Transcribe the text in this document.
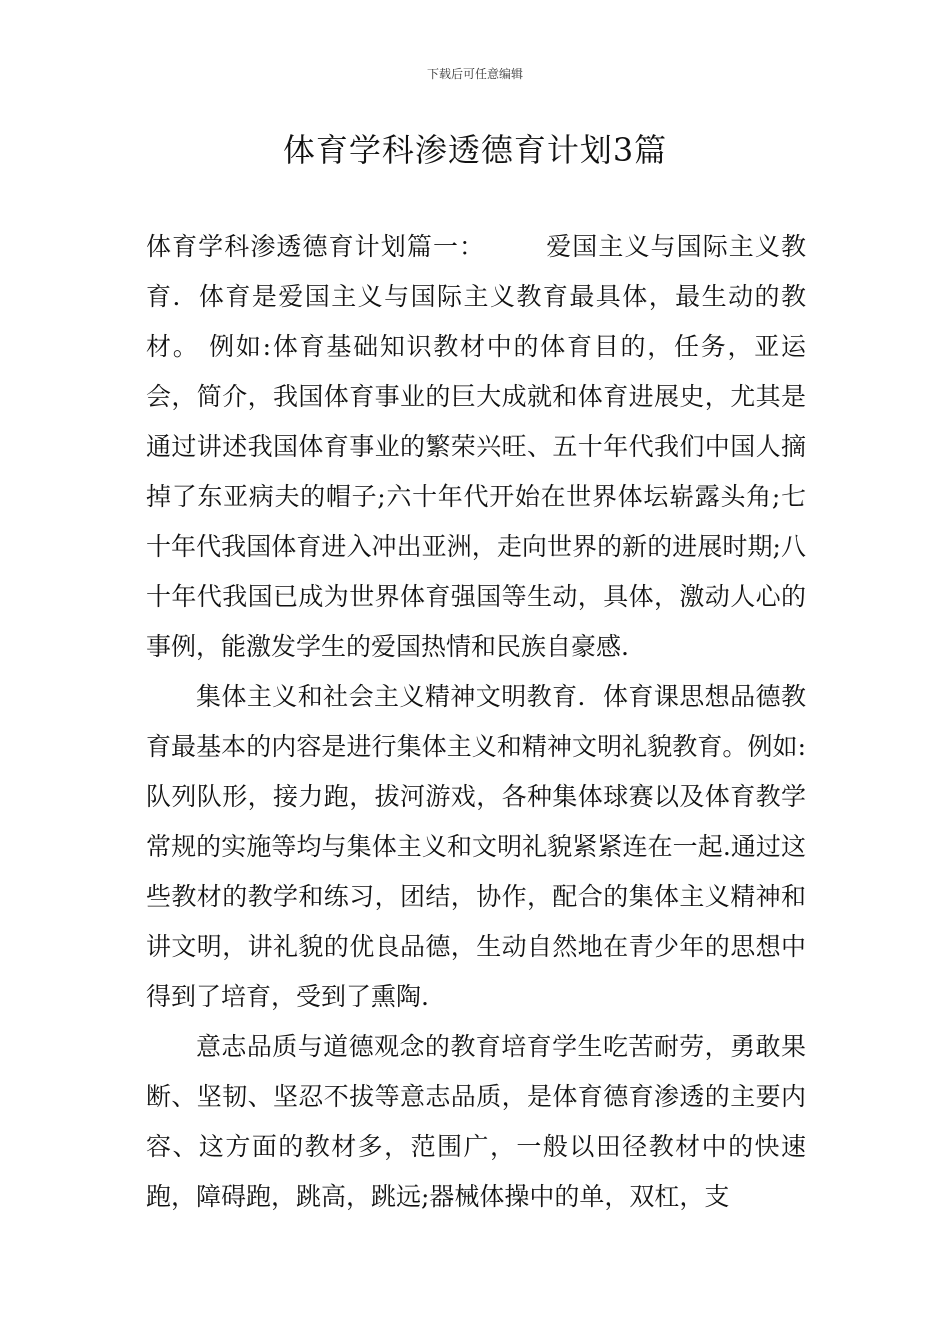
下载后可任意编辑
体育学科渗透德育计划3篇

体育学科渗透德育计划篇一： 爱国主义与国际主义教育．体育是爱国主义与国际主义教育最具体，最生动的教材。 例如:体育基础知识教材中的体育目的，任务，亚运会，简介，我国体育事业的巨大成就和体育进展史，尤其是通过讲述我国体育事业的繁荣兴旺、五十年代我们中国人摘掉了东亚病夫的帽子;六十年代开始在世界体坛崭露头角;七十年代我国体育进入冲出亚洲，走向世界的新的进展时期;八十年代我国已成为世界体育强国等生动，具体，激动人心的事例，能激发学生的爱国热情和民族自豪感.

集体主义和社会主义精神文明教育．体育课思想品德教育最基本的内容是进行集体主义和精神文明礼貌教育。例如:队列队形，接力跑，拔河游戏，各种集体球赛以及体育教学常规的实施等均与集体主义和文明礼貌紧紧连在一起.通过这些教材的教学和练习，团结，协作，配合的集体主义精神和讲文明，讲礼貌的优良品德，生动自然地在青少年的思想中得到了培育，受到了熏陶.

意志品质与道德观念的教育培育学生吃苦耐劳，勇敢果断、坚韧、坚忍不拔等意志品质，是体育德育渗透的主要内容、这方面的教材多，范围广，一般以田径教材中的快速跑，障碍跑，跳高，跳远;器械体操中的单，双杠，支
